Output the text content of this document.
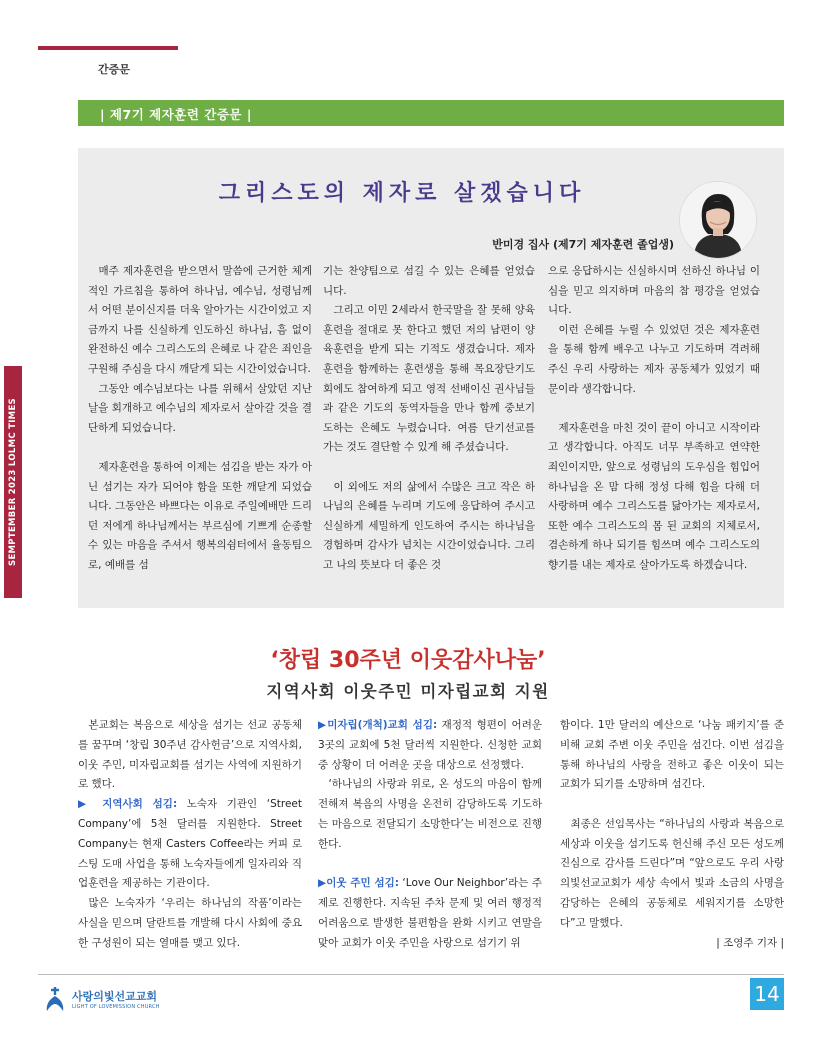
간증문
| 제7기 제자훈련 간증문 |
그리스도의 제자로 살겠습니다
반미경 집사 (제7기 제자훈련 졸업생)

매주 제자훈련을 받으면서 말씀에 근거한 체계적인 가르침을 통하여 하나님, 예수님, 성령님께서 어떤 분이신지를 더욱 알아가는 시간이었고 지금까지 나를 신실하게 인도하신 하나님, 흠 없이 완전하신 예수 그리스도의 은혜로 나 같은 죄인을 구원해 주심을 다시 깨닫게 되는 시간이었습니다.

그동안 예수님보다는 나를 위해서 살았던 지난날을 회개하고 예수님의 제자로서 살아갈 것을 결단하게 되었습니다.

제자훈련을 통하여 이제는 섬김을 받는 자가 아닌 섬기는 자가 되어야 함을 또한 깨닫게 되었습니다. 그동안은 바쁘다는 이유로 주일예배만 드리던 저에게 하나님께서는 부르심에 기쁘게 순종할 수 있는 마음을 주셔서 행복의쉼터에서 율동팀으로, 예배를 섬

기는 찬양팀으로 섬길 수 있는 은혜를 얻었습니다.

그리고 이민 2세라서 한국말을 잘 못해 양육훈련을 절대로 못 한다고 했던 저의 남편이 양육훈련을 받게 되는 기적도 생겼습니다. 제자 훈련을 함께하는 훈련생을 통해 목요장단기도회에도 참여하게 되고 영적 선배이신 권사님들과 같은 기도의 동역자들을 만나 함께 중보기도하는 은혜도 누렸습니다. 여름 단기선교를 가는 것도 결단할 수 있게 해 주셨습니다.

이 외에도 저의 삶에서 수많은 크고 작은 하나님의 은혜를 누리며 기도에 응답하여 주시고 신실하게 세밀하게 인도하여 주시는 하나님을 경험하며 감사가 넘치는 시간이었습니다. 그리고 나의 뜻보다 더 좋은 것

으로 응답하시는 신실하시며 선하신 하나님 이심을 믿고 의지하며 마음의 참 평강을 얻었습니다.

이런 은혜를 누릴 수 있었던 것은 제자훈련을 통해 함께 배우고 나누고 기도하며 격려해 주신 우리 사랑하는 제자 공동체가 있었기 때문이라 생각합니다.

제자훈련을 마친 것이 끝이 아니고 시작이라고 생각합니다. 아직도 너무 부족하고 연약한 죄인이지만, 앞으로 성령님의 도우심을 힘입어 하나님을 온 맘 다해 정성 다해 힘을 다해 더 사랑하며 예수 그리스도를 닮아가는 제자로서, 또한 예수 그리스도의 몸 된 교회의 지체로서, 겸손하게 하나 되기를 힘쓰며 예수 그리스도의 향기를 내는 제자로 살아가도록 하겠습니다.

SEMPTEMBER 2023 LOLMC TIMES
‘창립 30주년 이웃감사나눔’
지역사회 이웃주민 미자립교회 지원

본교회는 복음으로 세상을 섬기는 선교 공동체를 꿈꾸며 ‘창립 30주년 감사헌금’으로 지역사회, 이웃 주민, 미자립교회를 섬기는 사역에 지원하기로 했다.

▶ 지역사회 섬김: 노숙자 기관인 ‘Street Company’에 5천 달러를 지원한다. Street Company는 현재 Casters Coffee라는 커피 로스팅 도매 사업을 통해 노숙자들에게 일자리와 직업훈련을 제공하는 기관이다.

많은 노숙자가 ‘우리는 하나님의 작품’이라는 사실을 믿으며 달란트를 개발해 다시 사회에 중요한 구성원이 되는 열매를 맺고 있다.

▶미자립(개척)교회 섬김: 재정적 형편이 어려운 3곳의 교회에 5천 달러씩 지원한다. 신청한 교회 중 상황이 더 어려운 곳을 대상으로 선정했다.

‘하나님의 사랑과 위로, 온 성도의 마음이 함께 전해져 복음의 사명을 온전히 감당하도록 기도하는 마음으로 전달되기 소망한다’는 비전으로 진행한다.

▶이웃 주민 섬김: ‘Love Our Neighbor’라는 주제로 진행한다. 지속된 주차 문제 및 여러 행정적 어려움으로 발생한 불편함을 완화 시키고 연말을 맞아 교회가 이웃 주민을 사랑으로 섬기기 위

함이다. 1만 달러의 예산으로 ‘나눔 패키지’를 준비해 교회 주변 이웃 주민을 섬긴다. 이번 섬김을 통해 하나님의 사랑을 전하고 좋은 이웃이 되는 교회가 되기를 소망하며 섬긴다.

최종은 선임목사는 “하나님의 사랑과 복음으로 세상과 이웃을 섬기도록 헌신해 주신 모든 성도께 진심으로 감사를 드린다”며 “앞으로도 우리 사랑의빛선교교회가 세상 속에서 빛과 소금의 사명을 감당하는 은혜의 공동체로 세워지기를 소망한다”고 말했다.

| 조영주 기자 |

사랑의빛선교교회
LIGHT OF LOVEMISSION CHURCH
14
